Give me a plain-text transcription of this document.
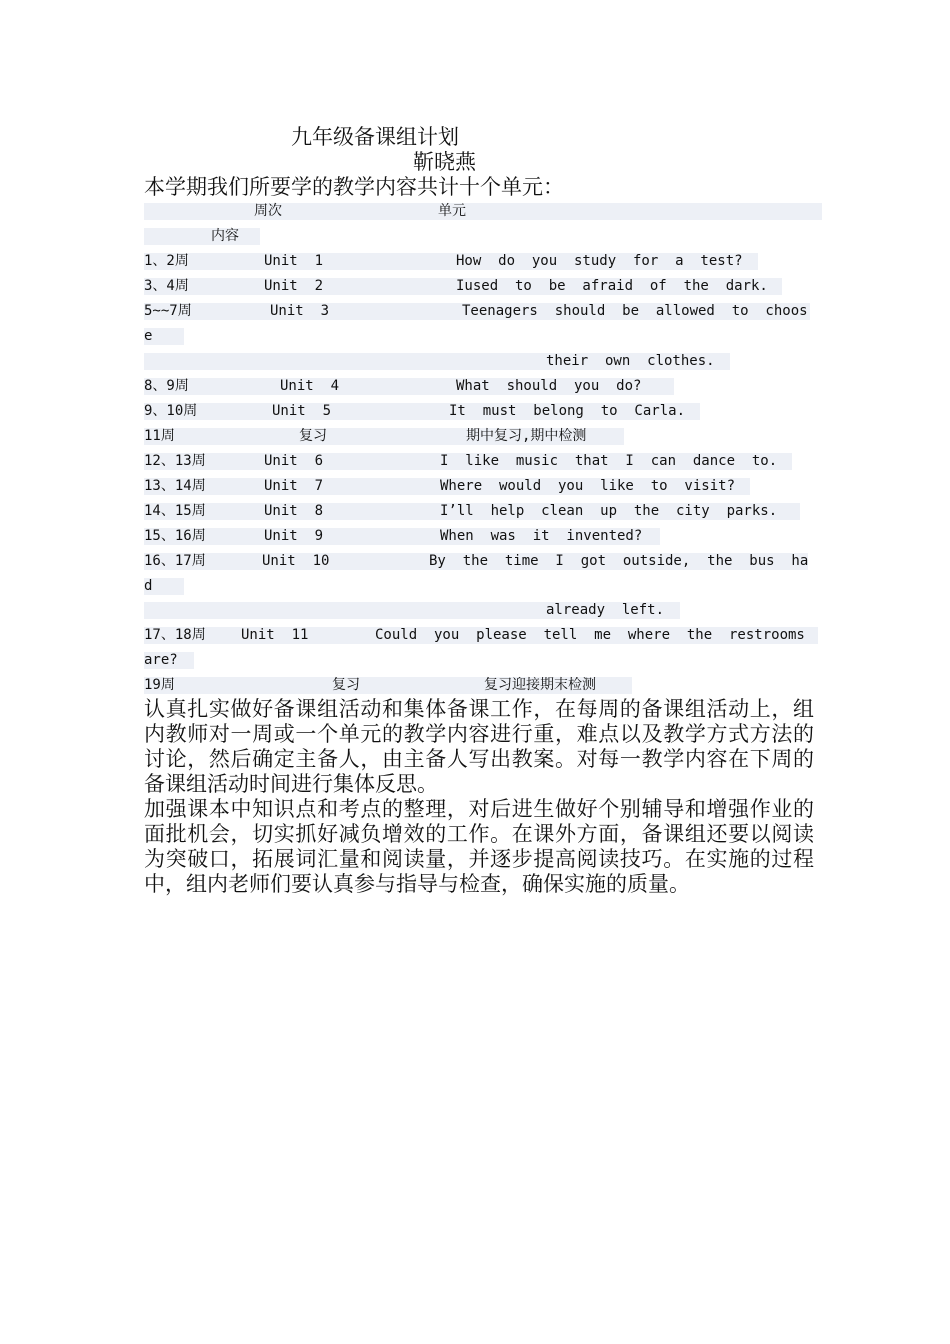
九年级备课组计划
靳晓燕
本学期我们所要学的教学内容共计十个单元：
周次	单元
内容
1、2周	Unit  1	How  do  you  study  for  a  test?
3、4周	Unit  2	Iused  to  be  afraid  of  the  dark.
5~~7周	Unit  3	Teenagers  should  be  allowed  to  choos
e
their  own  clothes.
8、9周	Unit  4	What  should  you  do?
9、10周	Unit  5	It  must  belong  to  Carla.
11周	复习	期中复习,期中检测
12、13周	Unit  6	I  like  music  that  I  can  dance  to.
13、14周	Unit  7	Where  would  you  like  to  visit?
14、15周	Unit  8	I’ll  help  clean  up  the  city  parks.
15、16周	Unit  9	When  was  it  invented?
16、17周	Unit  10	By  the  time  I  got  outside,  the  bus  ha
d
already  left.
17、18周	Unit  11	Could  you  please  tell  me  where  the  restrooms
are?
19周	复习	复习迎接期末检测

认真扎实做好备课组活动和集体备课工作，在每周的备课组活动上，组内教师对一周或一个单元的教学内容进行重，难点以及教学方式方法的讨论，然后确定主备人，由主备人写出教案。对每一教学内容在下周的备课组活动时间进行集体反思。

加强课本中知识点和考点的整理，对后进生做好个别辅导和增强作业的面批机会，切实抓好减负增效的工作。在课外方面，备课组还要以阅读为突破口，拓展词汇量和阅读量，并逐步提高阅读技巧。在实施的过程中，组内老师们要认真参与指导与检查，确保实施的质量。
